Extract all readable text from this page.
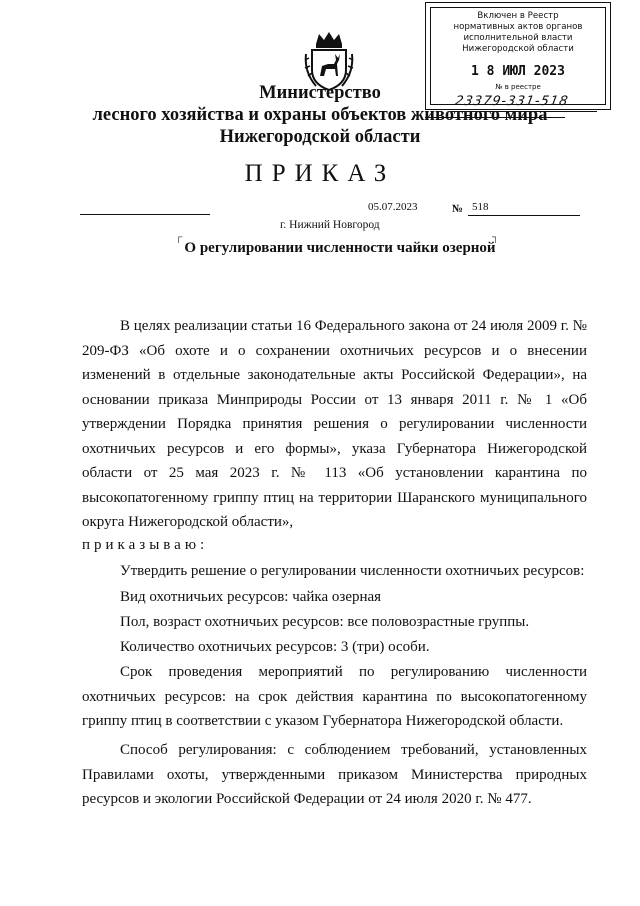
Включен в Реестр
нормативных актов органов
исполнительной власти
Нижегородской области
1 8 ИЮЛ 2023
№ в реестре
23379-331-518
Министерство
лесного хозяйства и охраны объектов животного мира
Нижегородской области
ПРИКАЗ
05.07.2023	№ 518
г. Нижний Новгород
┌	┐
О регулировании численности чайки озерной
В целях реализации статьи 16 Федерального закона от 24 июля 2009 г. № 209-ФЗ «Об охоте и о сохранении охотничьих ресурсов и о внесении изменений в отдельные законодательные акты Российской Федерации», на основании приказа Минприроды России от 13 января 2011 г. № 1 «Об утверждении Порядка принятия решения о регулировании численности охотничьих ресурсов и его формы», указа Губернатора Нижегородской области от 25 мая 2023 г. № 113 «Об установлении карантина по высокопатогенному гриппу птиц на территории Шаранского муниципального округа Нижегородской области»,
приказываю:
Утвердить решение о регулировании численности охотничьих ресурсов:
Вид охотничьих ресурсов: чайка озерная
Пол, возраст охотничьих ресурсов: все половозрастные группы.
Количество охотничьих ресурсов: 3 (три) особи.
Срок проведения мероприятий по регулированию численности охотничьих ресурсов: на срок действия карантина по высокопатогенному гриппу птиц в соответствии с указом Губернатора Нижегородской области.
Способ регулирования: с соблюдением требований, установленных Правилами охоты, утвержденными приказом Министерства природных ресурсов и экологии Российской Федерации от 24 июля 2020 г. № 477.
